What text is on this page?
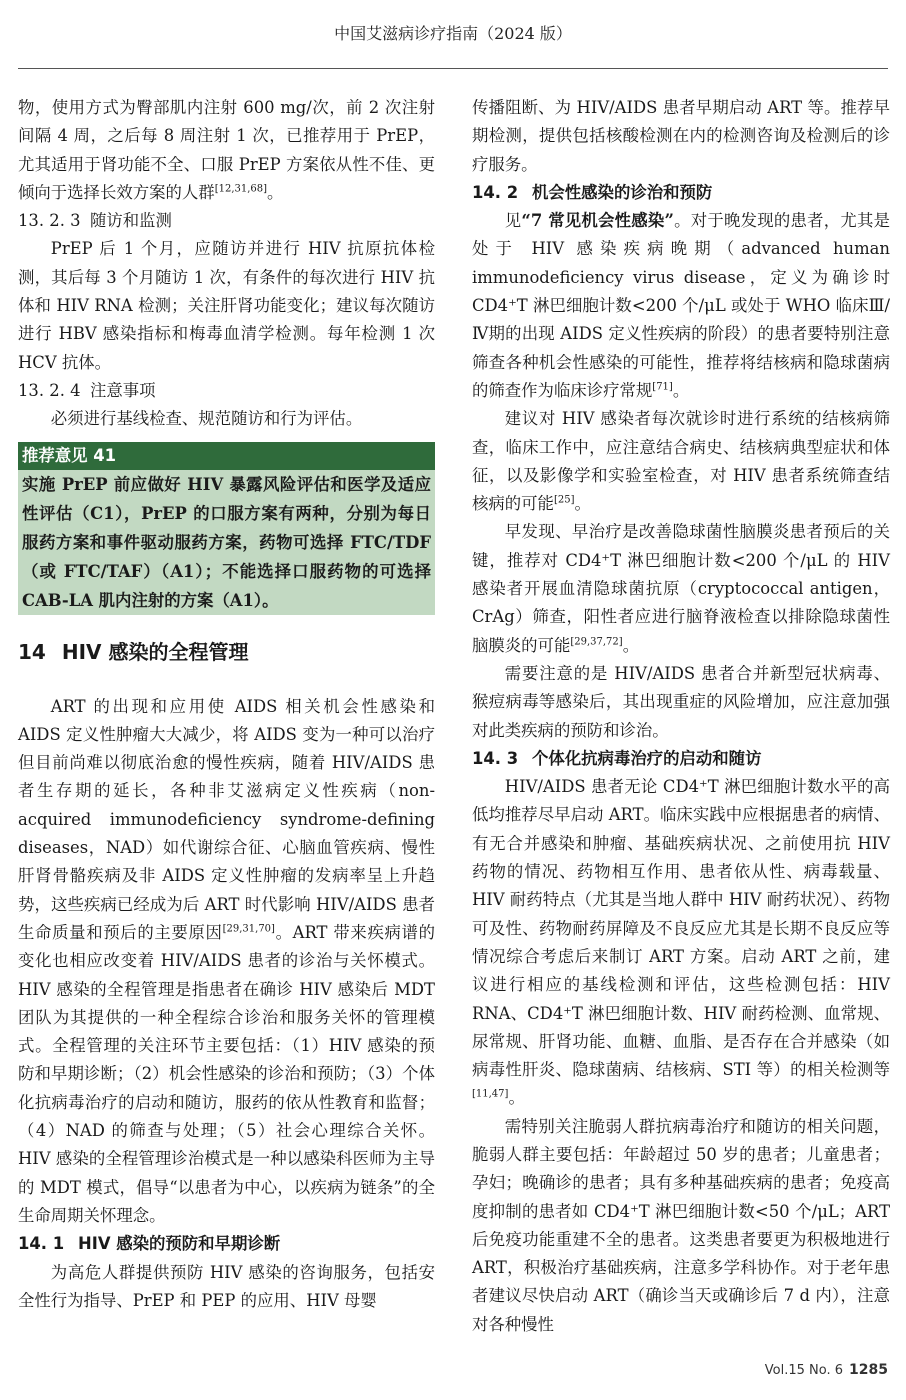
中国艾滋病诊疗指南（2024 版）

物，使用方式为臀部肌内注射 600 mg/次，前 2 次注射间隔 4 周，之后每 8 周注射 1 次，已推荐用于 PrEP，尤其适用于肾功能不全、口服 PrEP 方案依从性不佳、更倾向于选择长效方案的人群[12,31,68]。

13. 2. 3 随访和监测

PrEP 后 1 个月，应随访并进行 HIV 抗原抗体检测，其后每 3 个月随访 1 次，有条件的每次进行 HIV 抗体和 HIV RNA 检测；关注肝肾功能变化；建议每次随访进行 HBV 感染指标和梅毒血清学检测。每年检测 1 次 HCV 抗体。

13. 2. 4 注意事项

必须进行基线检查、规范随访和行为评估。

推荐意见 41
实施 PrEP 前应做好 HIV 暴露风险评估和医学及适应性评估（C1），PrEP 的口服方案有两种，分别为每日服药方案和事件驱动服药方案，药物可选择 FTC/TDF（或 FTC/TAF）（A1）；不能选择口服药物的可选择 CAB-LA 肌内注射的方案（A1）。
14 HIV 感染的全程管理

ART 的出现和应用使 AIDS 相关机会性感染和 AIDS 定义性肿瘤大大减少，将 AIDS 变为一种可以治疗但目前尚难以彻底治愈的慢性疾病，随着 HIV/AIDS 患者生存期的延长，各种非艾滋病定义性疾病（non-acquired immunodeficiency syndrome-defining diseases，NAD）如代谢综合征、心脑血管疾病、慢性肝肾骨骼疾病及非 AIDS 定义性肿瘤的发病率呈上升趋势，这些疾病已经成为后 ART 时代影响 HIV/AIDS 患者生命质量和预后的主要原因[29,31,70]。ART 带来疾病谱的变化也相应改变着 HIV/AIDS 患者的诊治与关怀模式。HIV 感染的全程管理是指患者在确诊 HIV 感染后 MDT 团队为其提供的一种全程综合诊治和服务关怀的管理模式。全程管理的关注环节主要包括：（1）HIV 感染的预防和早期诊断；（2）机会性感染的诊治和预防；（3）个体化抗病毒治疗的启动和随访，服药的依从性教育和监督；（4）NAD 的筛查与处理；（5）社会心理综合关怀。HIV 感染的全程管理诊治模式是一种以感染科医师为主导的 MDT 模式，倡导“以患者为中心，以疾病为链条”的全生命周期关怀理念。

14. 1 HIV 感染的预防和早期诊断

为高危人群提供预防 HIV 感染的咨询服务，包括安全性行为指导、PrEP 和 PEP 的应用、HIV 母婴

传播阻断、为 HIV/AIDS 患者早期启动 ART 等。推荐早期检测，提供包括核酸检测在内的检测咨询及检测后的诊疗服务。

14. 2 机会性感染的诊治和预防

见“7 常见机会性感染”。对于晚发现的患者，尤其是处于 HIV 感染疾病晚期（advanced human immunodeficiency virus disease，定义为确诊时 CD4⁺T 淋巴细胞计数<200 个/μL 或处于 WHO 临床Ⅲ/Ⅳ期的出现 AIDS 定义性疾病的阶段）的患者要特别注意筛查各种机会性感染的可能性，推荐将结核病和隐球菌病的筛查作为临床诊疗常规[71]。

建议对 HIV 感染者每次就诊时进行系统的结核病筛查，临床工作中，应注意结合病史、结核病典型症状和体征，以及影像学和实验室检查，对 HIV 患者系统筛查结核病的可能[25]。

早发现、早治疗是改善隐球菌性脑膜炎患者预后的关键，推荐对 CD4⁺T 淋巴细胞计数<200 个/μL 的 HIV 感染者开展血清隐球菌抗原（cryptococcal antigen，CrAg）筛查，阳性者应进行脑脊液检查以排除隐球菌性脑膜炎的可能[29,37,72]。

需要注意的是 HIV/AIDS 患者合并新型冠状病毒、猴痘病毒等感染后，其出现重症的风险增加，应注意加强对此类疾病的预防和诊治。

14. 3 个体化抗病毒治疗的启动和随访

HIV/AIDS 患者无论 CD4⁺T 淋巴细胞计数水平的高低均推荐尽早启动 ART。临床实践中应根据患者的病情、有无合并感染和肿瘤、基础疾病状况、之前使用抗 HIV 药物的情况、药物相互作用、患者依从性、病毒载量、HIV 耐药特点（尤其是当地人群中 HIV 耐药状况）、药物可及性、药物耐药屏障及不良反应尤其是长期不良反应等情况综合考虑后来制订 ART 方案。启动 ART 之前，建议进行相应的基线检测和评估，这些检测包括：HIV RNA、CD4⁺T 淋巴细胞计数、HIV 耐药检测、血常规、尿常规、肝肾功能、血糖、血脂、是否存在合并感染（如病毒性肝炎、隐球菌病、结核病、STI 等）的相关检测等[11,47]。

需特别关注脆弱人群抗病毒治疗和随访的相关问题，脆弱人群主要包括：年龄超过 50 岁的患者；儿童患者；孕妇；晚确诊的患者；具有多种基础疾病的患者；免疫高度抑制的患者如 CD4⁺T 淋巴细胞计数<50 个/μL；ART 后免疫功能重建不全的患者。这类患者要更为积极地进行 ART，积极治疗基础疾病，注意多学科协作。对于老年患者建议尽快启动 ART（确诊当天或确诊后 7 d 内），注意对各种慢性

Vol.15 No. 6 1285
